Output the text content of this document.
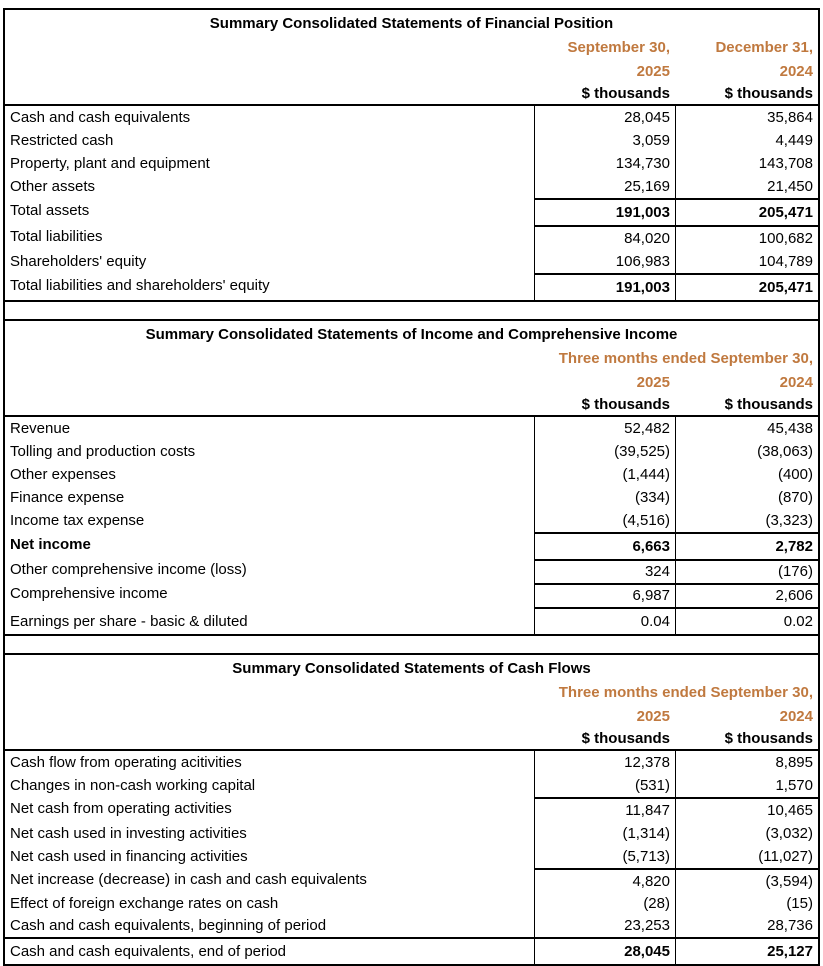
Summary Consolidated Statements of Financial Position
September 30,	December 31,
2025	2024
$ thousands	$ thousands
Cash and cash equivalents	28,045	35,864
Restricted cash	3,059	4,449
Property, plant and equipment	134,730	143,708
Other assets	25,169	21,450
Total assets	191,003	205,471
Total liabilities	84,020	100,682
Shareholders' equity	106,983	104,789
Total liabilities and shareholders' equity	191,003	205,471
Summary Consolidated Statements of Income and Comprehensive Income
Three months ended September 30,
2025	2024
$ thousands	$ thousands
Revenue	52,482	45,438
Tolling and production costs	(39,525)	(38,063)
Other expenses	(1,444)	(400)
Finance expense	(334)	(870)
Income tax expense	(4,516)	(3,323)
Net income	6,663	2,782
Other comprehensive income (loss)	324	(176)
Comprehensive income	6,987	2,606
Earnings per share - basic & diluted	0.04	0.02
Summary Consolidated Statements of Cash Flows
Three months ended September 30,
2025	2024
$ thousands	$ thousands
Cash flow from operating acitivities	12,378	8,895
Changes in non-cash working capital	(531)	1,570
Net cash from operating activities	11,847	10,465
Net cash used in investing activities	(1,314)	(3,032)
Net cash used in financing activities	(5,713)	(11,027)
Net increase (decrease) in cash and cash equivalents	4,820	(3,594)
Effect of foreign exchange rates on cash	(28)	(15)
Cash and cash equivalents, beginning of period	23,253	28,736
Cash and cash equivalents, end of period	28,045	25,127
